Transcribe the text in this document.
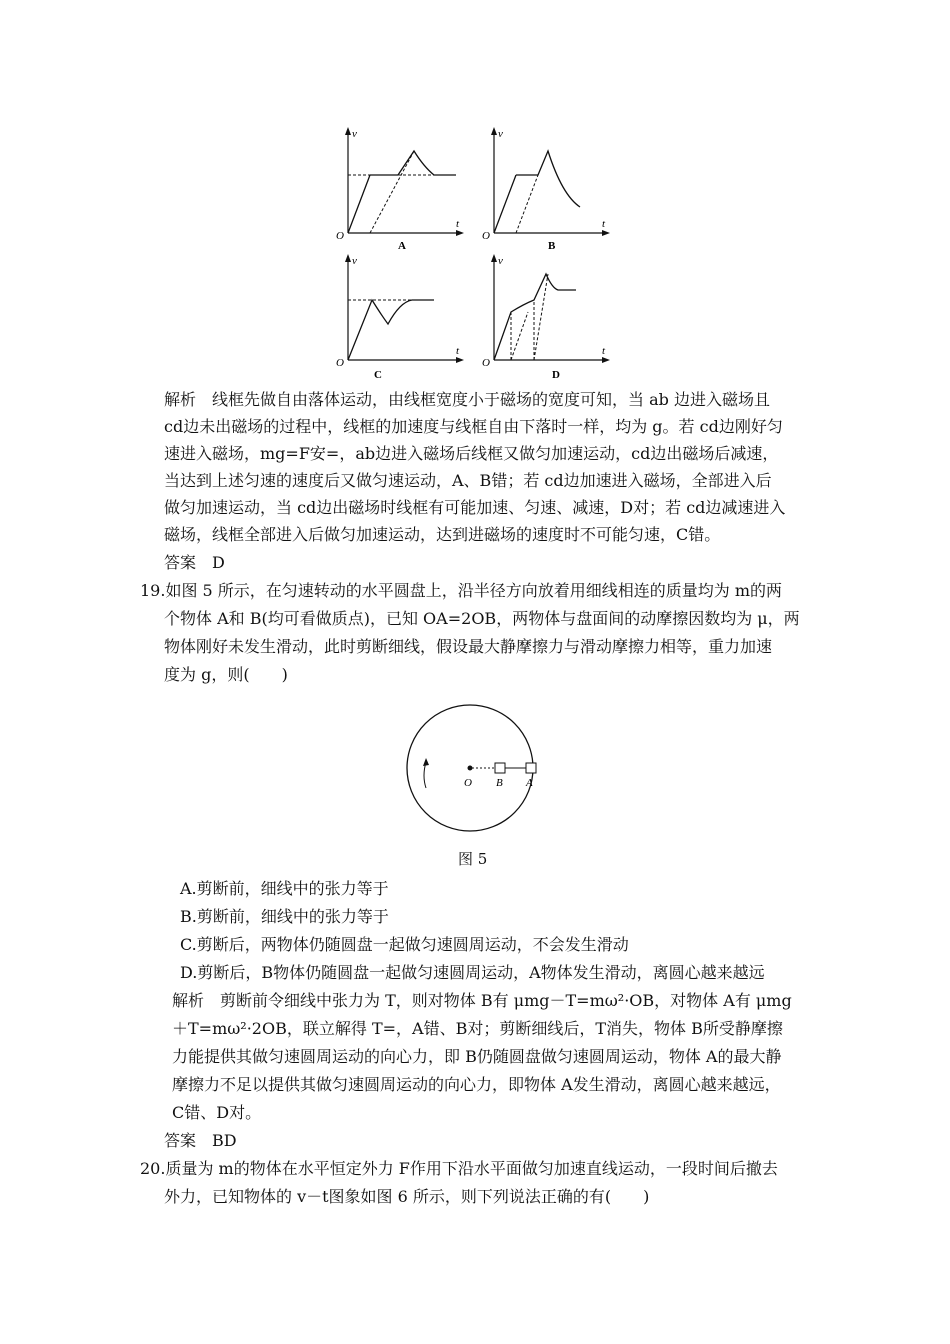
v
t
O
A
v
t
O
B
v
t
O
C
v
t
O
D
解析　线框先做自由落体运动，由线框宽度小于磁场的宽度可知，当 ab 边进入磁场且
cd边未出磁场的过程中，线框的加速度与线框自由下落时一样，均为 g。若 cd边刚好匀
速进入磁场，mg=F安=，ab边进入磁场后线框又做匀加速运动，cd边出磁场后减速，
当达到上述匀速的速度后又做匀速运动，A、B错；若 cd边加速进入磁场，全部进入后
做匀加速运动，当 cd边出磁场时线框有可能加速、匀速、减速，D对；若 cd边减速进入
磁场，线框全部进入后做匀加速运动，达到进磁场的速度时不可能匀速，C错。
答案　D
19.如图 5 所示，在匀速转动的水平圆盘上，沿半径方向放着用细线相连的质量均为 m的两
个物体 A和 B(均可看做质点)，已知 OA=2OB，两物体与盘面间的动摩擦因数均为 μ，两
物体刚好未发生滑动，此时剪断细线，假设最大静摩擦力与滑动摩擦力相等，重力加速
度为 g，则(　　)
O B A
图 5
A.剪断前，细线中的张力等于
B.剪断前，细线中的张力等于
C.剪断后，两物体仍随圆盘一起做匀速圆周运动，不会发生滑动
D.剪断后，B物体仍随圆盘一起做匀速圆周运动，A物体发生滑动，离圆心越来越远
解析　剪断前令细线中张力为 T，则对物体 B有 μmg－T=mω²·OB，对物体 A有 μmg
＋T=mω²·2OB，联立解得 T=，A错、B对；剪断细线后，T消失，物体 B所受静摩擦
力能提供其做匀速圆周运动的向心力，即 B仍随圆盘做匀速圆周运动，物体 A的最大静
摩擦力不足以提供其做匀速圆周运动的向心力，即物体 A发生滑动，离圆心越来越远，
C错、D对。
答案　BD
20.质量为 m的物体在水平恒定外力 F作用下沿水平面做匀加速直线运动，一段时间后撤去
外力，已知物体的 v－t图象如图 6 所示，则下列说法正确的有(　　)
